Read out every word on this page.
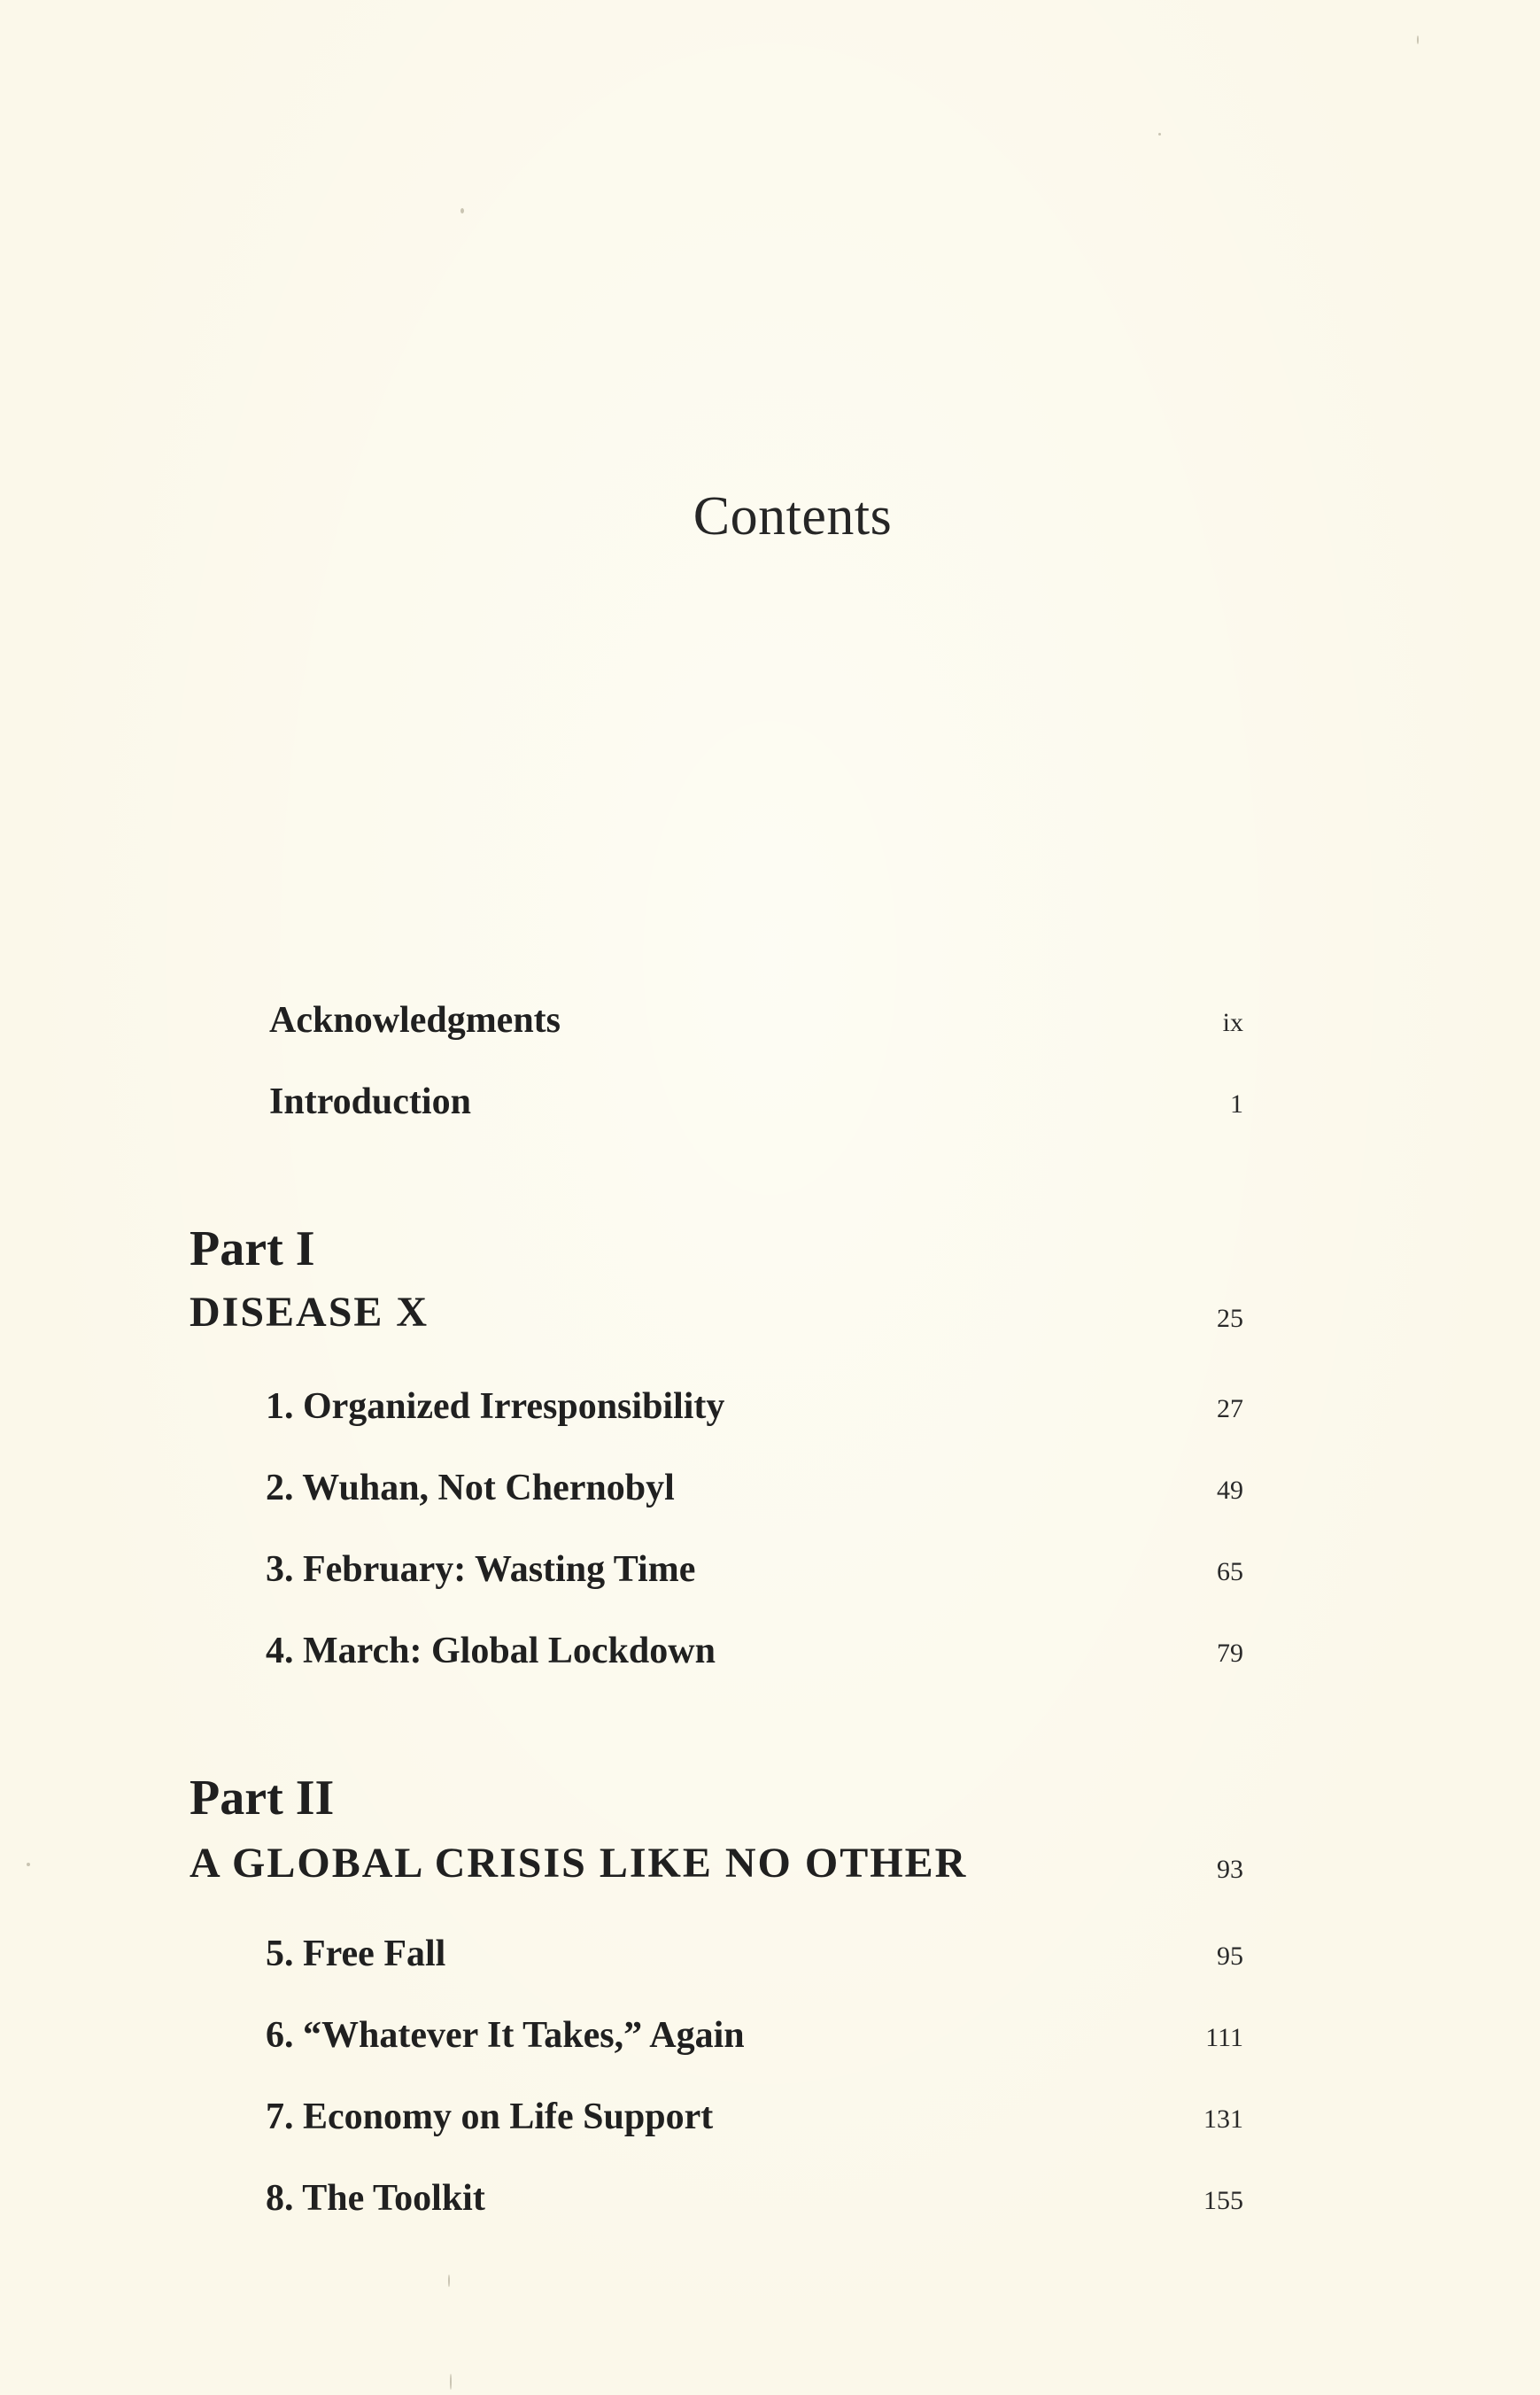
Contents
Acknowledgments	ix
Introduction	1
Part I
DISEASE X	25
1. Organized Irresponsibility	27
2. Wuhan, Not Chernobyl	49
3. February: Wasting Time	65
4. March: Global Lockdown	79
Part II
A GLOBAL CRISIS LIKE NO OTHER	93
5. Free Fall	95
6. “Whatever It Takes,” Again	111
7. Economy on Life Support	131
8. The Toolkit	155
